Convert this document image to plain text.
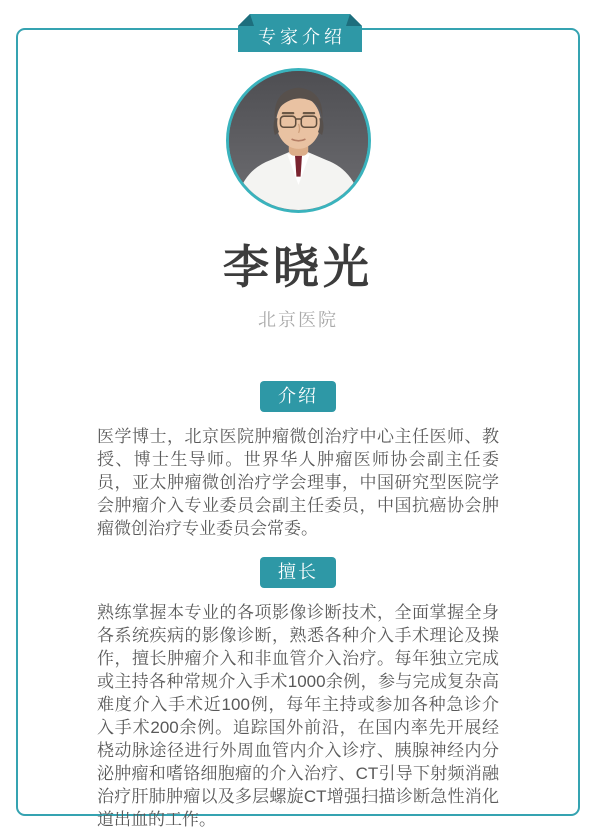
专家介绍
李晓光
北京医院
介绍

医学博士，北京医院肿瘤微创治疗中心主任医师、教授、博士生导师。世界华人肿瘤医师协会副主任委员，亚太肿瘤微创治疗学会理事，中国研究型医院学会肿瘤介入专业委员会副主任委员，中国抗癌协会肿瘤微创治疗专业委员会常委。

擅长

熟练掌握本专业的各项影像诊断技术，全面掌握全身各系统疾病的影像诊断，熟悉各种介入手术理论及操作，擅长肿瘤介入和非血管介入治疗。每年独立完成或主持各种常规介入手术1000余例，参与完成复杂高难度介入手术近100例，每年主持或参加各种急诊介入手术200余例。追踪国外前沿，在国内率先开展经桡动脉途径进行外周血管内介入诊疗、胰腺神经内分泌肿瘤和嗜铬细胞瘤的介入治疗、CT引导下射频消融治疗肝肺肿瘤以及多层螺旋CT增强扫描诊断急性消化道出血的工作。
